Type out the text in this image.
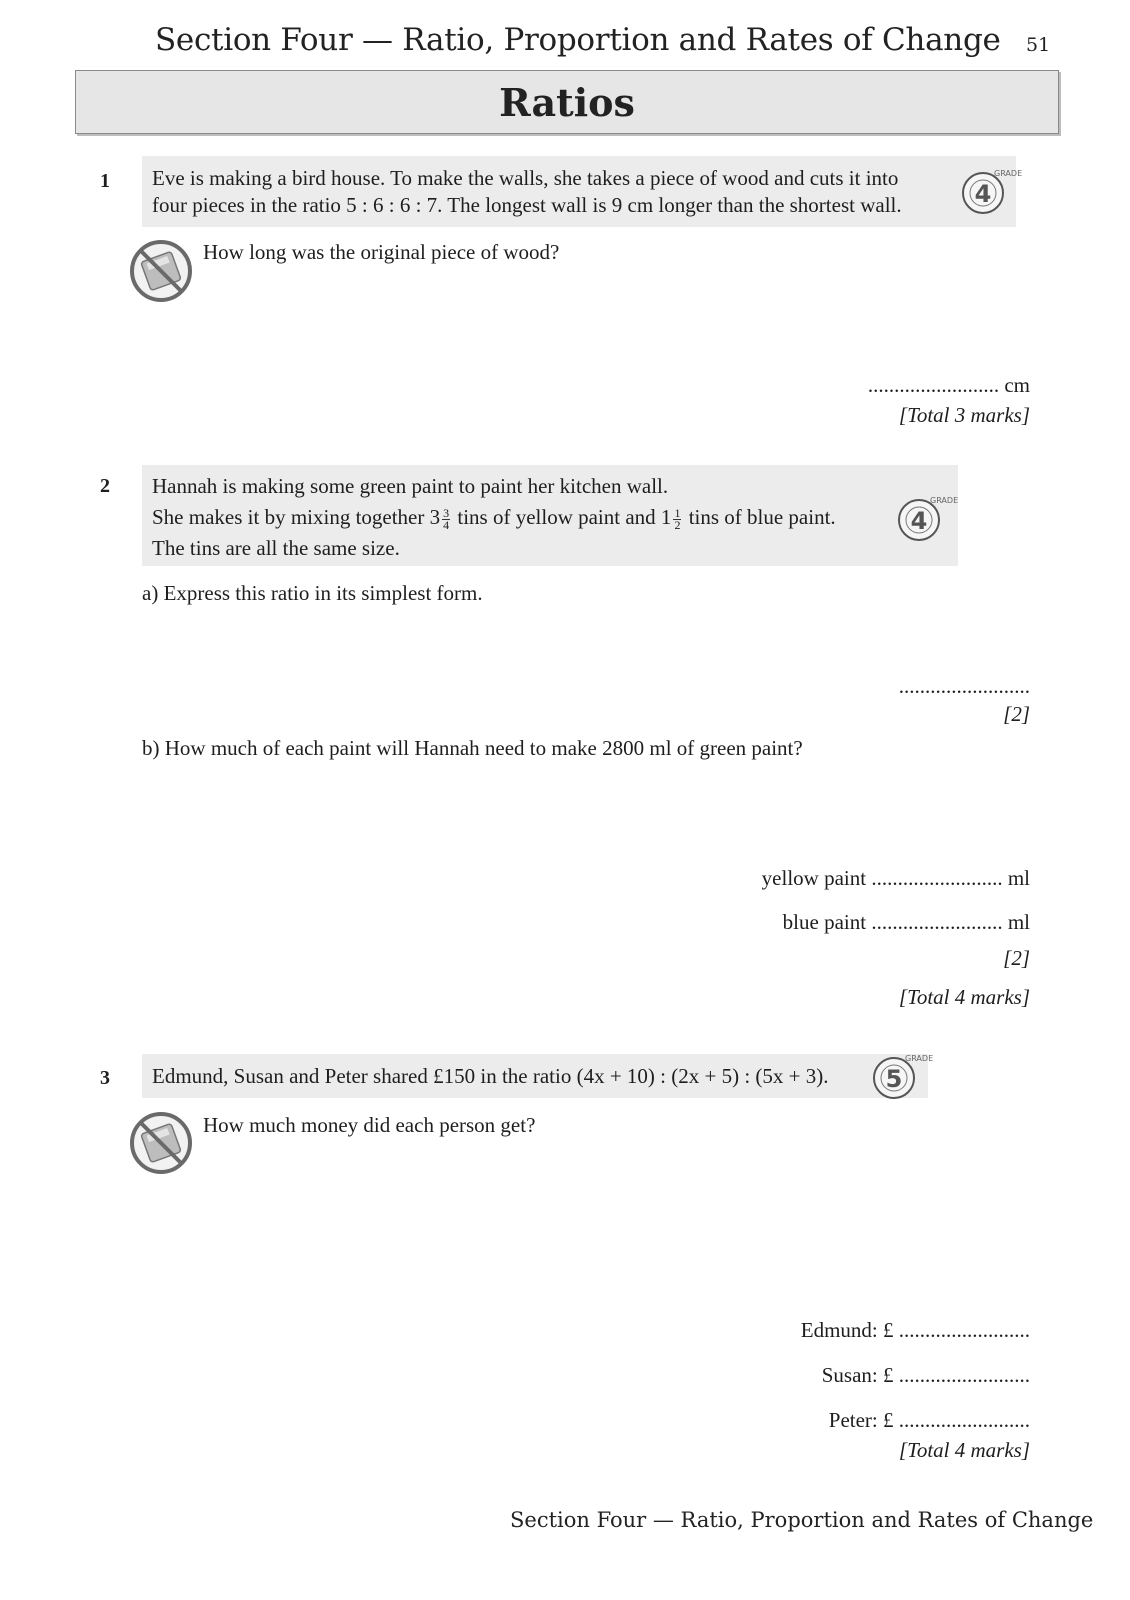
Section Four — Ratio, Proportion and Rates of Change 51
Ratios
1 Eve is making a bird house. To make the walls, she takes a piece of wood and cuts it into
four pieces in the ratio 5 : 6 : 6 : 7. The longest wall is 9 cm longer than the shortest wall.	4
GRADE
How long was the original piece of wood?
......................... cm
[Total 3 marks]
2 Hannah is making some green paint to paint her kitchen wall.
She makes it by mixing together $3 \frac{3}{4}$ tins of yellow paint and $1 \frac{1}{2}$ tins of blue paint.
The tins are all the same size.
4
GRADE
a) Express this ratio in its simplest form.
.........................
[2]
b) How much of each paint will Hannah need to make 2800 ml of green paint?
yellow paint ......................... ml
blue paint ......................... ml
[2]
[Total 4 marks]
3 Edmund, Susan and Peter shared £150 in the ratio (4x + 10) : (2x + 5) : (5x + 3).	5
GRADE
How much money did each person get?
Edmund: £ .........................
Susan: £ .........................
Peter: £ .........................
[Total 4 marks]
Section Four — Ratio, Proportion and Rates of Change
